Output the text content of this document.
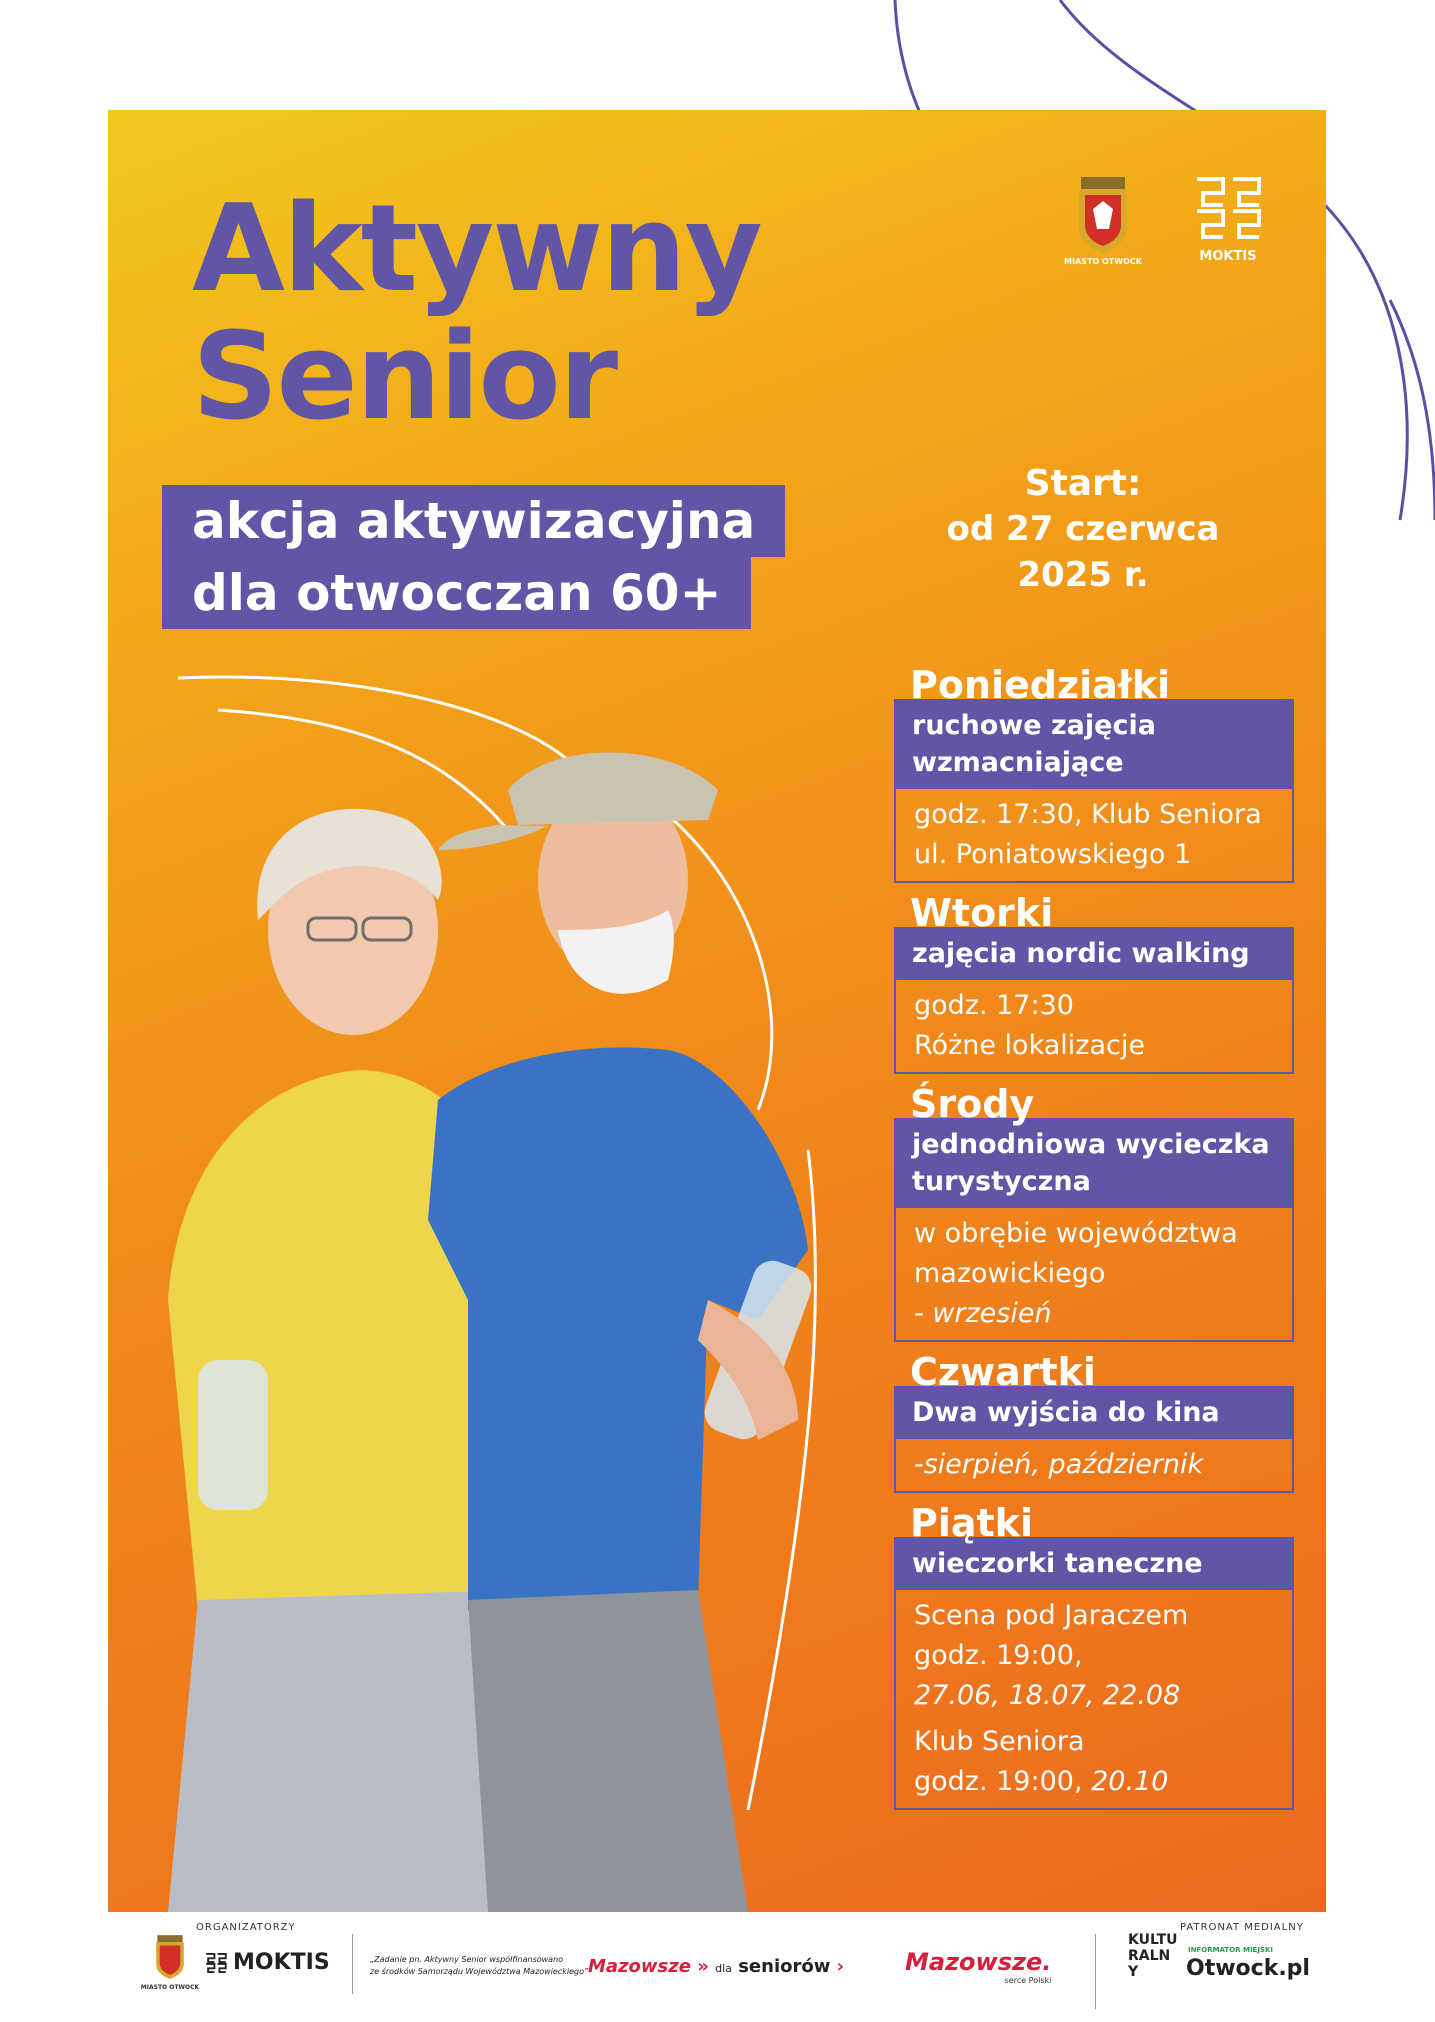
Aktywny
Senior
akcja aktywizacyjna
dla otwocczan 60+
MIASTO OTWOCK	MOKTIS
Start:
od 27 czerwca
2025 r.
Poniedziałki
ruchowe zajęcia
wzmacniające
godz. 17:30, Klub Seniora
ul. Poniatowskiego 1
Wtorki
zajęcia nordic walking
godz. 17:30
Różne lokalizacje
Środy
jednodniowa wycieczka
turystyczna
w obrębie województwa
mazowickiego
- wrzesień
Czwartki
Dwa wyjścia do kina
-sierpień, październik
Piątki
wieczorki taneczne
Scena pod Jaraczem
godz. 19:00,
27.06, 18.07, 22.08
Klub Seniora
godz. 19:00, 20.10
ORGANIZATORZY
MIASTO OTWOCK
MOKTIS	„Zadanie pn. Aktywny Senior współfinansowano
ze środków Samorządu Województwa Mazowieckiego” Mazowsze » dla seniorów ›	Mazowsze.
serce Polski
KULTURALNY
PATRONAT MEDIALNY
INFORMATOR MIEJSKI
Otwock.pl
